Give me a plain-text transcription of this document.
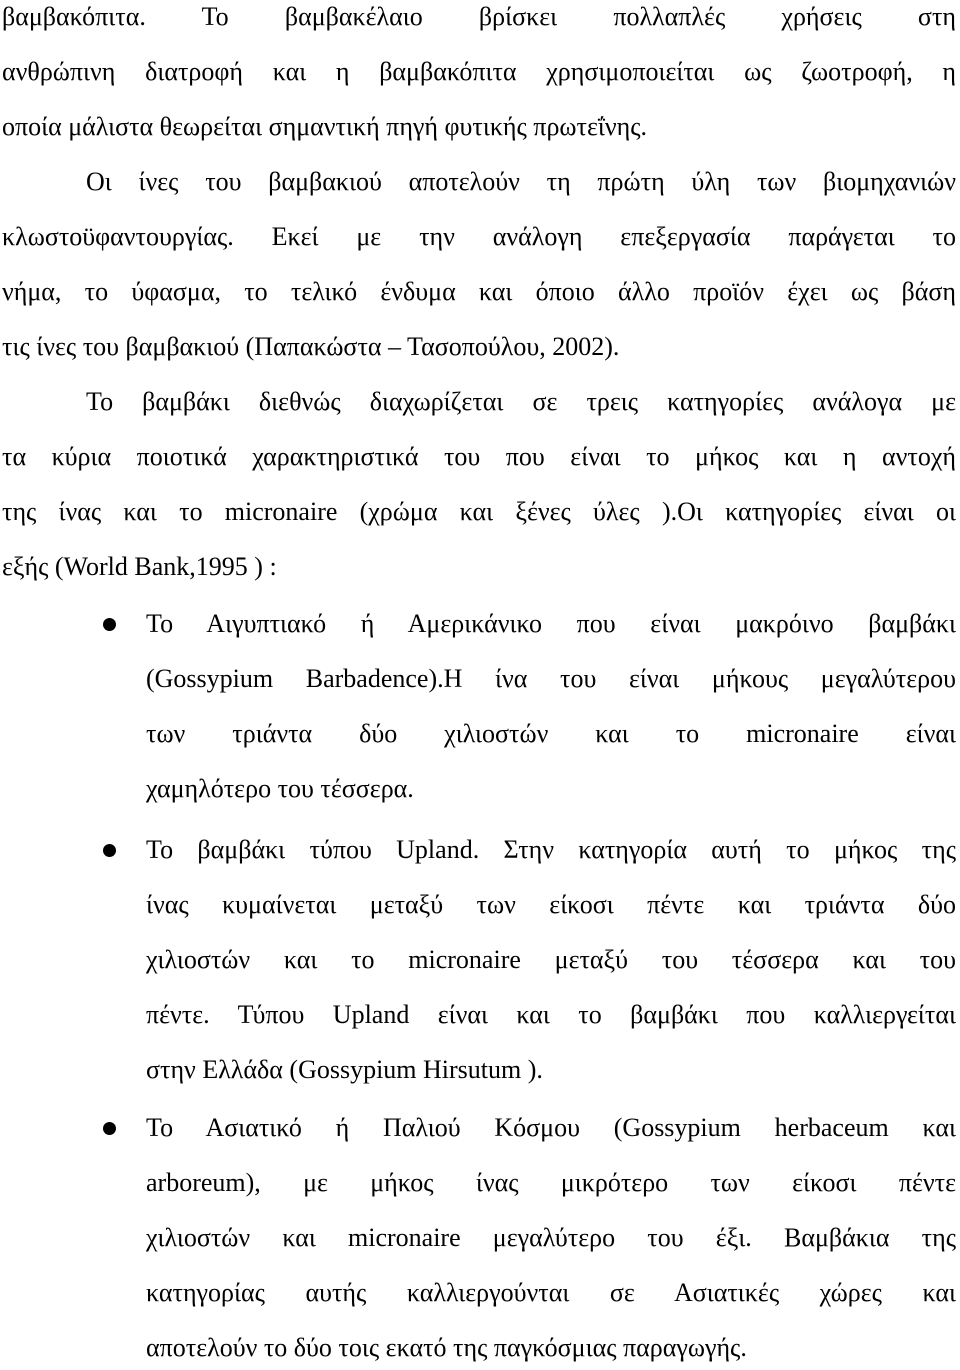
βαμβακόπιτα. Το βαμβακέλαιο βρίσκει πολλαπλές χρήσεις στη
ανθρώπινη διατροφή και η βαμβακόπιτα χρησιμοποιείται ως ζωοτροφή, η
οποία μάλιστα θεωρείται σημαντική πηγή φυτικής πρωτεΐνης.
Οι ίνες του βαμβακιού αποτελούν τη πρώτη ύλη των βιομηχανιών
κλωστοϋφαντουργίας. Εκεί με την ανάλογη επεξεργασία παράγεται το
νήμα, το ύφασμα, το τελικό ένδυμα και όποιο άλλο προϊόν έχει ως βάση
τις ίνες του βαμβακιού (Παπακώστα – Τασοπούλου, 2002).
Το βαμβάκι διεθνώς διαχωρίζεται σε τρεις κατηγορίες ανάλογα με
τα κύρια ποιοτικά χαρακτηριστικά του που είναι το μήκος και η αντοχή
της ίνας και το micronaire (χρώμα και ξένες ύλες ).Οι κατηγορίες είναι οι
εξής (World Bank,1995 ) :
Το Αιγυπτιακό ή Αμερικάνικο που είναι μακρόινο βαμβάκι
(Gossypium Barbadence).Η ίνα του είναι μήκους μεγαλύτερου
των τριάντα δύο χιλιοστών και το micronaire είναι
χαμηλότερο του τέσσερα.
Το βαμβάκι τύπου Upland. Στην κατηγορία αυτή το μήκος της
ίνας κυμαίνεται μεταξύ των είκοσι πέντε και τριάντα δύο
χιλιοστών και το micronaire μεταξύ του τέσσερα και του
πέντε. Τύπου Upland είναι και το βαμβάκι που καλλιεργείται
στην Ελλάδα (Gossypium Hirsutum ).
Το Ασιατικό ή Παλιού Κόσμου (Gossypium herbaceum και
arboreum), με μήκος ίνας μικρότερο των είκοσι πέντε
χιλιοστών και micronaire μεγαλύτερο του έξι. Βαμβάκια της
κατηγορίας αυτής καλλιεργούνται σε Ασιατικές χώρες και
αποτελούν το δύο τοις εκατό της παγκόσμιας παραγωγής.
